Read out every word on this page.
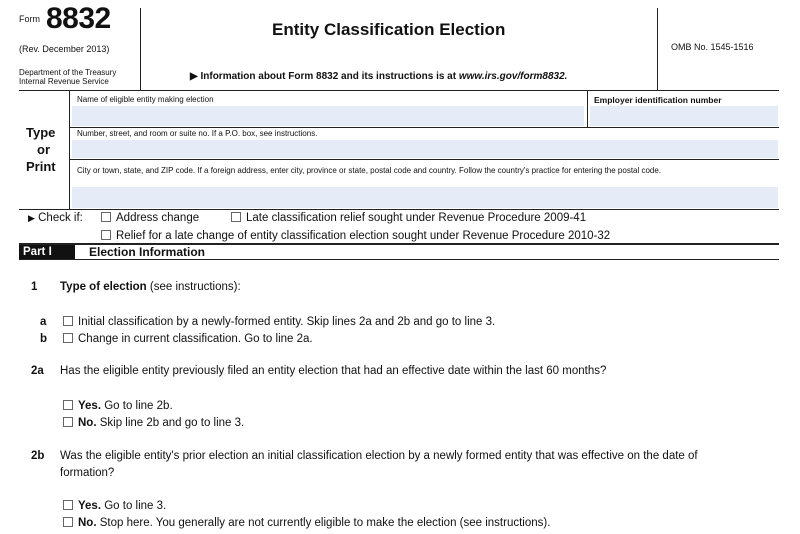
Form 8832
(Rev. December 2013)
Department of the Treasury
Internal Revenue Service
Entity Classification Election
▶ Information about Form 8832 and its instructions is at www.irs.gov/form8832.
OMB No. 1545-1516
Type
or
Print
Name of eligible entity making election	Employer identification number
Number, street, and room or suite no. If a P.O. box, see instructions.
City or town, state, and ZIP code. If a foreign address, enter city, province or state, postal code and country. Follow the country's practice for entering the postal code.
▶ Check if:	Address change	Late classification relief sought under Revenue Procedure 2009-41
Relief for a late change of entity classification election sought under Revenue Procedure 2010-32
Part I	Election Information
1 Type of election (see instructions):
a	Initial classification by a newly-formed entity. Skip lines 2a and 2b and go to line 3.
b	Change in current classification. Go to line 2a.
2a Has the eligible entity previously filed an entity election that had an effective date within the last 60 months?
Yes. Go to line 2b.
No. Skip line 2b and go to line 3.
2b Was the eligible entity's prior election an initial classification election by a newly formed entity that was effective on the date of
formation?
Yes. Go to line 3.
No. Stop here. You generally are not currently eligible to make the election (see instructions).
